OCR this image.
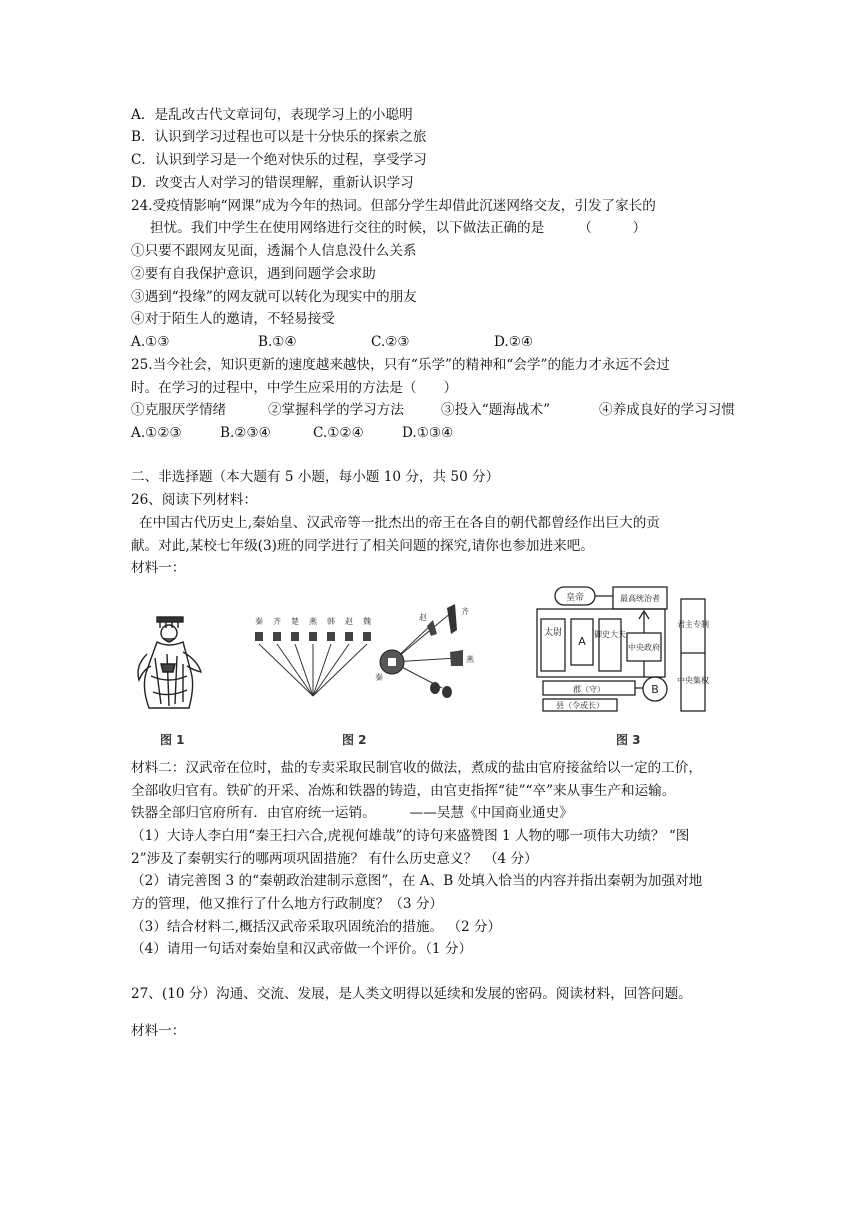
A．是乱改古代文章词句，表现学习上的小聪明
B．认识到学习过程也可以是十分快乐的探索之旅
C．认识到学习是一个绝对快乐的过程，享受学习
D．改变古人对学习的错误理解，重新认识学习
24.受疫情影响“网课”成为今年的热词。但部分学生却借此沉迷网络交友，引发了家长的
担忧。我们中学生在使用网络进行交往的时候，以下做法正确的是　　　（　　　）
①只要不跟网友见面，透漏个人信息没什么关系
②要有自我保护意识，遇到问题学会求助
③遇到“投缘”的网友就可以转化为现实中的朋友
④对于陌生人的邀请，不轻易接受
A.①③	B.①④	C.②③	D.②④
25.当今社会，知识更新的速度越来越快，只有“乐学”的精神和“会学”的能力才永远不会过
时。在学习的过程中，中学生应采用的方法是（　　）
①克服厌学情绪	②掌握科学的学习方法	③投入“题海战术”	④养成良好的学习习惯
A.①②③	B.②③④	C.①②④	D.①③④
二、非选择题（本大题有 5 小题，每小题 10 分，共 50 分）
26、阅读下列材料：
在中国古代历史上,秦始皇、汉武帝等一批杰出的帝王在各自的朝代都曾经作出巨大的贡
献。对此,某校七年级(3)班的同学进行了相关问题的探究,请你也参加进来吧。
材料一：
图 1
秦 齐 楚 燕 韩 赵 魏
齐
赵
燕
秦
图 2
皇帝	最高统治者
太尉
A
御史大夫
中央政府
郡（守）	B
县（令或长）
君主专制
中央集权
图 3
材料二：汉武帝在位时，盐的专卖采取民制官收的做法，煮成的盐由官府接盆给以一定的工价，
全部收归官有。铁矿的开采、冶炼和铁器的铸造，由官吏指挥“徒”“卒”来从事生产和运输。
铁器全部归官府所有．由官府统一运销。　　　——吴慧《中国商业通史》
（1）大诗人李白用“秦王扫六合,虎视何雄哉”的诗句来盛赞图 1 人物的哪一项伟大功绩？ “图
2”涉及了秦朝实行的哪两项巩固措施？ 有什么历史意义？　（4 分）
（2）请完善图 3 的“秦朝政治建制示意图”，在 A、B 处填入恰当的内容并指出秦朝为加强对地
方的管理，他又推行了什么地方行政制度？（3 分）
（3）结合材料二,概括汉武帝采取巩固统治的措施。 （2 分）
（4）请用一句话对秦始皇和汉武帝做一个评价。（1 分）
27、(10 分）沟通、交流、发展，是人类文明得以延续和发展的密码。阅读材料，回答问题。
材料一：
